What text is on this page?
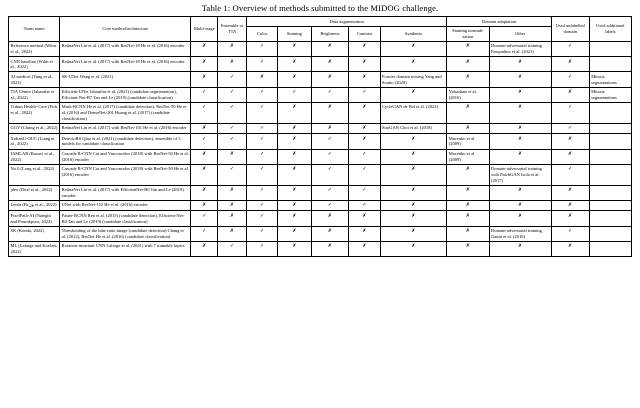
Table 1: Overview of methods submitted to the MIDOG challenge.
Team name	Core method/architecture	Multi-stage	Ensemble or TTA	Data augmentation					Domain adaptation		Used unlabelled domain	Used additional labels
				Color	Staining	Brightness	Contrast	Synthesis	Staining normali- zation	Other		
Reference method (Wilm et al., 2022)	RetinaNet Lin et al. (2017) with ResNet-18 He et al. (2016) encoder	✗	✗	✓	✗	✗	✗	✗	✗	Domain-adversarial training Pasqualino et al. (2021)	✓	
CNN baseline (Wilm et al., 2022)	RetinaNet Lin et al. (2017) with ResNet-18 He et al. (2016) encoder	✗	✗	✓	✗	✗	✗	✗	✗	✗	✗	
AI medical (Yang et al., 2022)	SK-UNet Wang et al. (2021)	✗	✓	✗	✗	✗	✗	Fourier domain mixing Yang and Soatto (2020)	✗	✗	✓	Mitosis segmentations
TIA Centre (Jahanifar et al., 2022)	Efficient-UNet Jahanifar et al. (2021) (candidate segmentation), Efficient-Net-B7 Tan and Le (2019) (candidate classification)	✓	✓	✓	✓	✓	✓	✗	Valsadane et al. (2016)	✗	✗	Mitosis segmentations
Tribun Health- Care (Fick et al., 2022)	Mask-RCNN He et al. (2017) (candidate detection), ResNet-50 He et al. (2016) and DenseNet-201 Huang et al. (2017) (candidate classification)	✓	✓	✓	✗	✗	✗	CycleGAN de Bel et al. (2021)	✗	✗	✓	
GGV (Chung et al., 2022)	RetinaNet Lin et al. (2017) with ResNet-101 He et al. (2016) encoder	✗	✓	✓	✗	✗	✗	StarGAN Choi et al. (2018)	✗	✗	✓	
XidianU-OUC (Liang et al., 2022)	DetectoRS Qiao et al. (2021) (candidate detection), ensemble of 5 models for candidate classification	✓	✓	✓	✗	✓	✗	✗	Macenko et al. (2009)	✗	✗	
IAMLAB (Razavi et al., 2022)	Cascade R-CNN Cai and Vasconcelos (2018) with ResNet-50 He et al. (2016) encoder	✗	✗	✓	✗	✓	✓	✗	Macenko et al. (2009)	✗	✗	
No.0 (Long et al., 2022)	Cascade R-CNN Cai and Vasconcelos (2018) with ResNet-50 He et al. (2016) encoder	✗	✓	✓	✗	✓	✓	✗	✗	Domain-adversarial training with PatchGAN Isola et al. (2017)	✓	
jdex (Dexl et al., 2022)	RetinaNet Lin et al. (2017) with EfficientNet-B0 Tan and Le (2019) encoder	✗	✗	✓	✗	✓	✓	✗	✗	✗	✗	
Leeds (Brون et al., 2022)	UNet with ResNet-152 He et al. (2016) encoder	✗	✗	✓	✗	✓	✓	✗	✗	✗	✗	
PixelPath-AI (Nateghi and Pourakpour, 2022)	Faster-RCNN Ren et al. (2015) (candidate detection), Efficient-Net-B0 Tan and Le (2019) (candidate classification)	✓	✗	✓	✗	✗	✗	✗	✗	✗	✗	
SK (Kondo, 2022)	Thresholding of the blue ratio image (candidate detection) Chang et al. (2012), ResNet He et al. (2016) (candidate classification)	✓	✗	✓	✗	✗	✗	✗	✗	Domain-adversarial training Ganin et al. (2016)	✓	
ML (Lafarge and Koelzer, 2022)	Rotation-invariant CNN Lafarge et al. (2021) with 7 trainable layers	✗	✓	✓	✗	✗	✗	✗	✗	✗	✗	
